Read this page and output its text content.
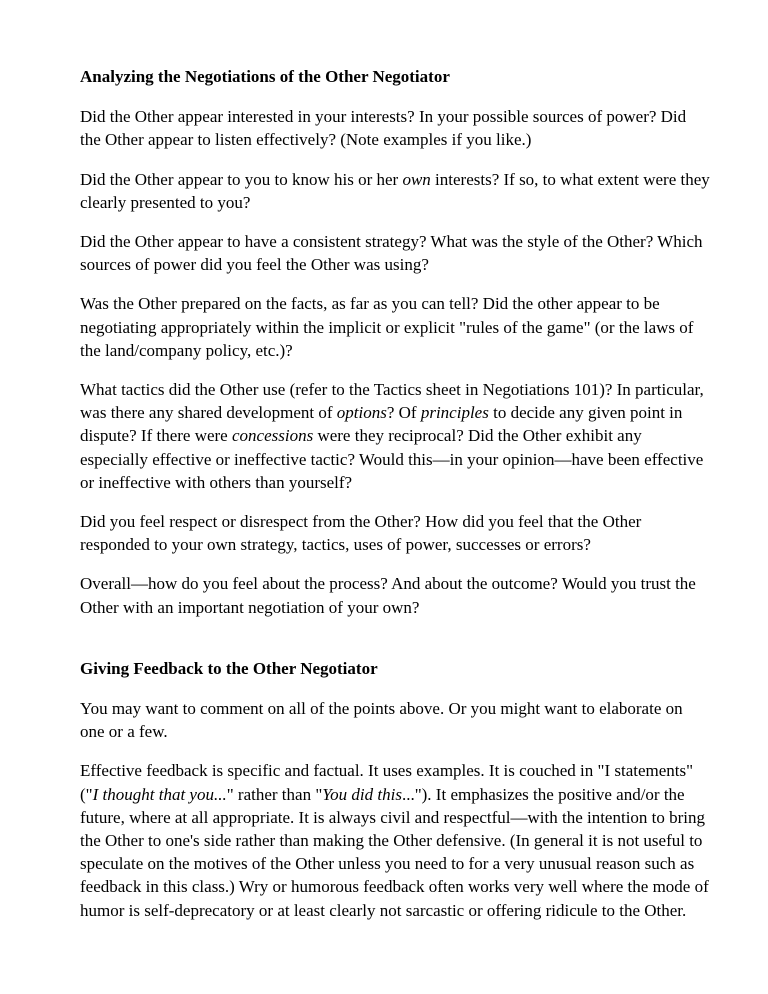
Analyzing the Negotiations of the Other Negotiator

Did the Other appear interested in your interests? In your possible sources of power? Did the Other appear to listen effectively? (Note examples if you like.)

Did the Other appear to you to know his or her own interests? If so, to what extent were they clearly presented to you?

Did the Other appear to have a consistent strategy? What was the style of the Other? Which sources of power did you feel the Other was using?

Was the Other prepared on the facts, as far as you can tell? Did the other appear to be negotiating appropriately within the implicit or explicit "rules of the game" (or the laws of the land/company policy, etc.)?

What tactics did the Other use (refer to the Tactics sheet in Negotiations 101)? In particular, was there any shared development of options? Of principles to decide any given point in dispute? If there were concessions were they reciprocal? Did the Other exhibit any especially effective or ineffective tactic? Would this—in your opinion—have been effective or ineffective with others than yourself?

Did you feel respect or disrespect from the Other? How did you feel that the Other responded to your own strategy, tactics, uses of power, successes or errors?

Overall—how do you feel about the process? And about the outcome? Would you trust the Other with an important negotiation of your own?

Giving Feedback to the Other Negotiator

You may want to comment on all of the points above. Or you might want to elaborate on one or a few.

Effective feedback is specific and factual. It uses examples. It is couched in "I statements" ("I thought that you..." rather than "You did this..."). It emphasizes the positive and/or the future, where at all appropriate. It is always civil and respectful—with the intention to bring the Other to one's side rather than making the Other defensive. (In general it is not useful to speculate on the motives of the Other unless you need to for a very unusual reason such as feedback in this class.) Wry or humorous feedback often works very well where the mode of humor is self-deprecatory or at least clearly not sarcastic or offering ridicule to the Other.
